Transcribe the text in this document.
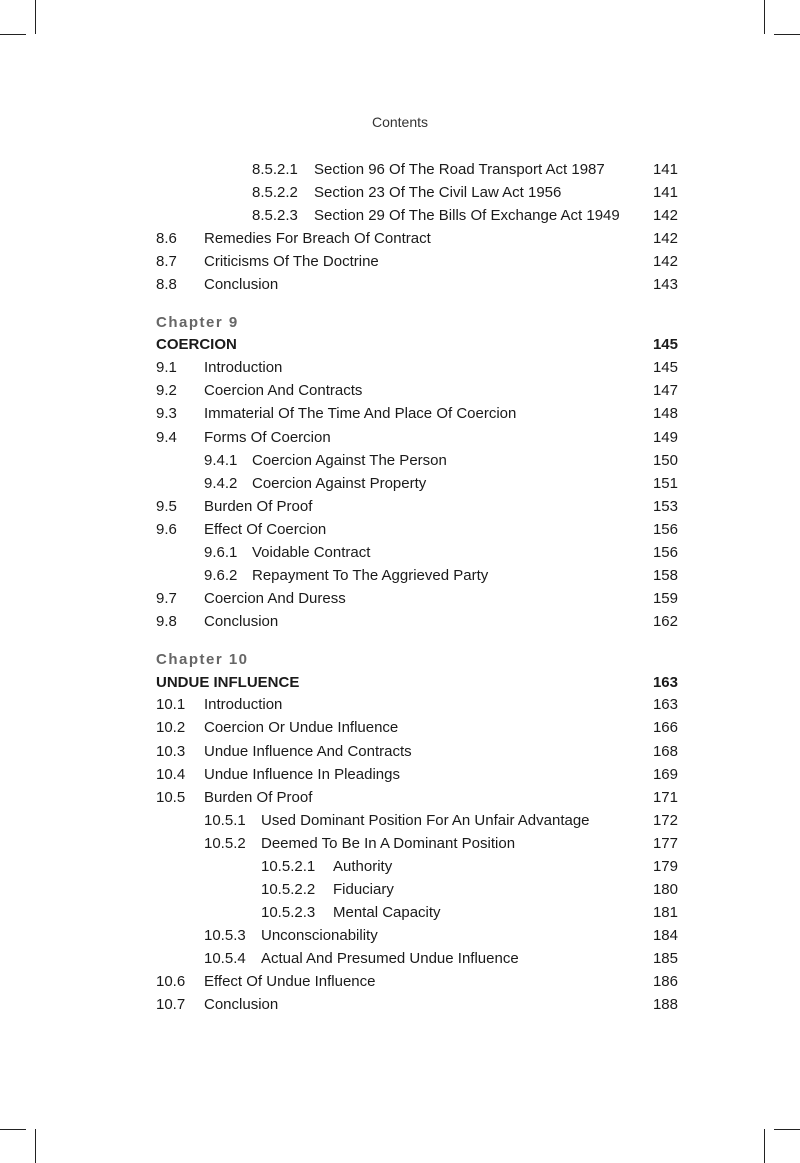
Contents
8.5.2.1 Section 96 Of The Road Transport Act 1987	141
8.5.2.2 Section 23 Of The Civil Law Act 1956	141
8.5.2.3 Section 29 Of The Bills Of Exchange Act 1949 142
8.6 Remedies For Breach Of Contract	142
8.7 Criticisms Of The Doctrine	142
8.8 Conclusion	143
Chapter 9
COERCION	145
9.1 Introduction	145
9.2 Coercion And Contracts	147
9.3 Immaterial Of The Time And Place Of Coercion	148
9.4 Forms Of Coercion	149
9.4.1 Coercion Against The Person	150
9.4.2 Coercion Against Property	151
9.5 Burden Of Proof	153
9.6 Effect Of Coercion	156
9.6.1 Voidable Contract	156
9.6.2 Repayment To The Aggrieved Party	158
9.7 Coercion And Duress	159
9.8 Conclusion	162
Chapter 10
UNDUE INFLUENCE	163
10.1 Introduction	163
10.2 Coercion Or Undue Influence	166
10.3 Undue Influence And Contracts	168
10.4 Undue Influence In Pleadings	169
10.5 Burden Of Proof	171
10.5.1 Used Dominant Position For An Unfair Advantage	172
10.5.2 Deemed To Be In A Dominant Position	177
10.5.2.1 Authority	179
10.5.2.2 Fiduciary	180
10.5.2.3 Mental Capacity	181
10.5.3 Unconscionability	184
10.5.4 Actual And Presumed Undue Influence	185
10.6 Effect Of Undue Influence	186
10.7 Conclusion	188
